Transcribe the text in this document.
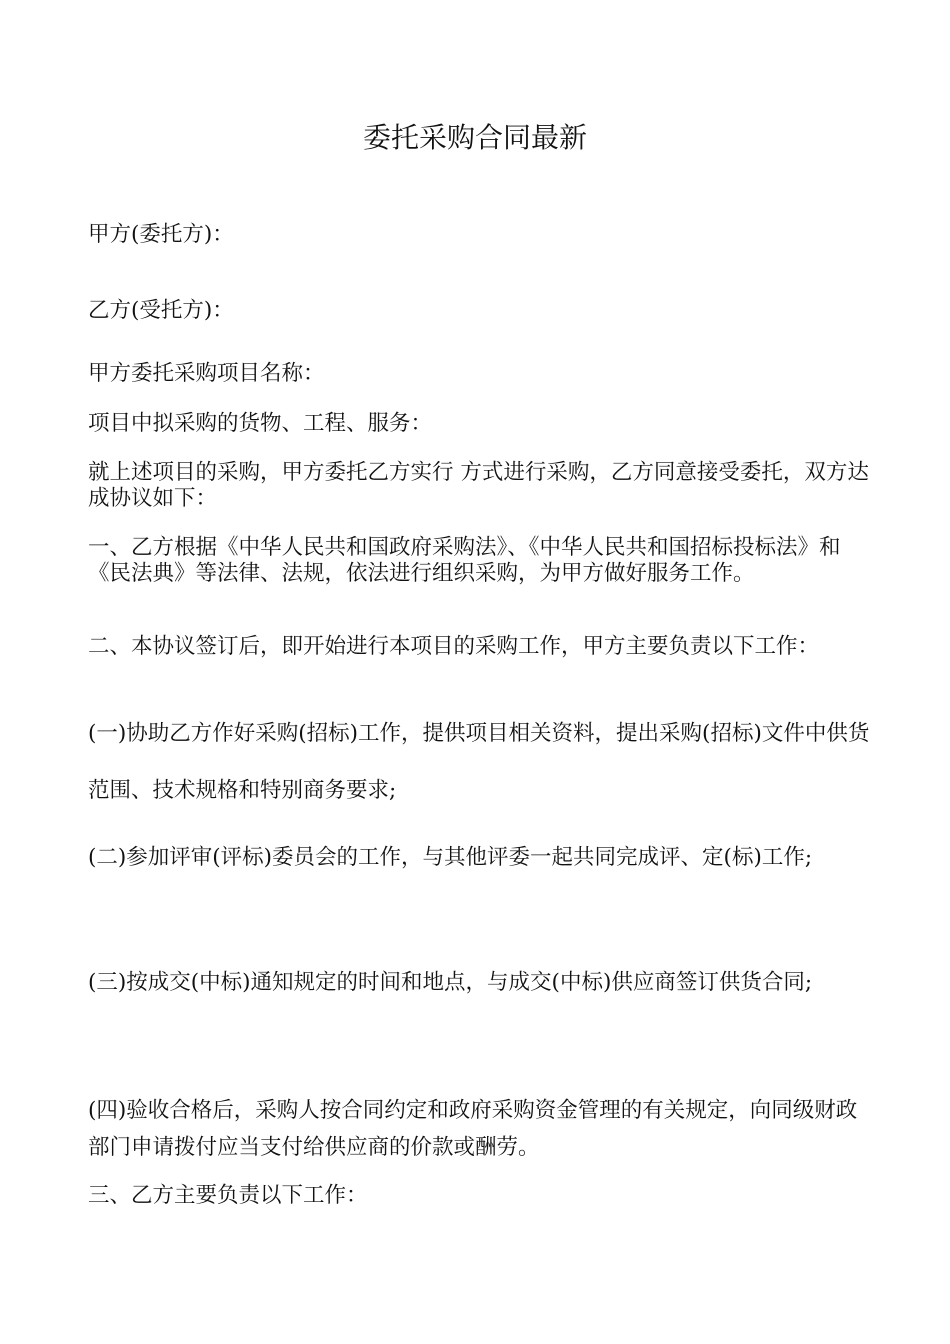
委托采购合同最新

甲方(委托方)：

乙方(受托方)：

甲方委托采购项目名称：

项目中拟采购的货物、工程、服务：

就上述项目的采购，甲方委托乙方实行 方式进行采购，乙方同意接受委托，双方达成协议如下：

一、乙方根据《中华人民共和国政府采购法》、《中华人民共和国招标投标法》和《民法典》等法律、法规，依法进行组织采购，为甲方做好服务工作。

二、本协议签订后，即开始进行本项目的采购工作，甲方主要负责以下工作：

(一)协助乙方作好采购(招标)工作，提供项目相关资料，提出采购(招标)文件中供货范围、技术规格和特别商务要求;

(二)参加评审(评标)委员会的工作，与其他评委一起共同完成评、定(标)工作;

(三)按成交(中标)通知规定的时间和地点，与成交(中标)供应商签订供货合同;

(四)验收合格后，采购人按合同约定和政府采购资金管理的有关规定，向同级财政部门申请拨付应当支付给供应商的价款或酬劳。

三、乙方主要负责以下工作：
